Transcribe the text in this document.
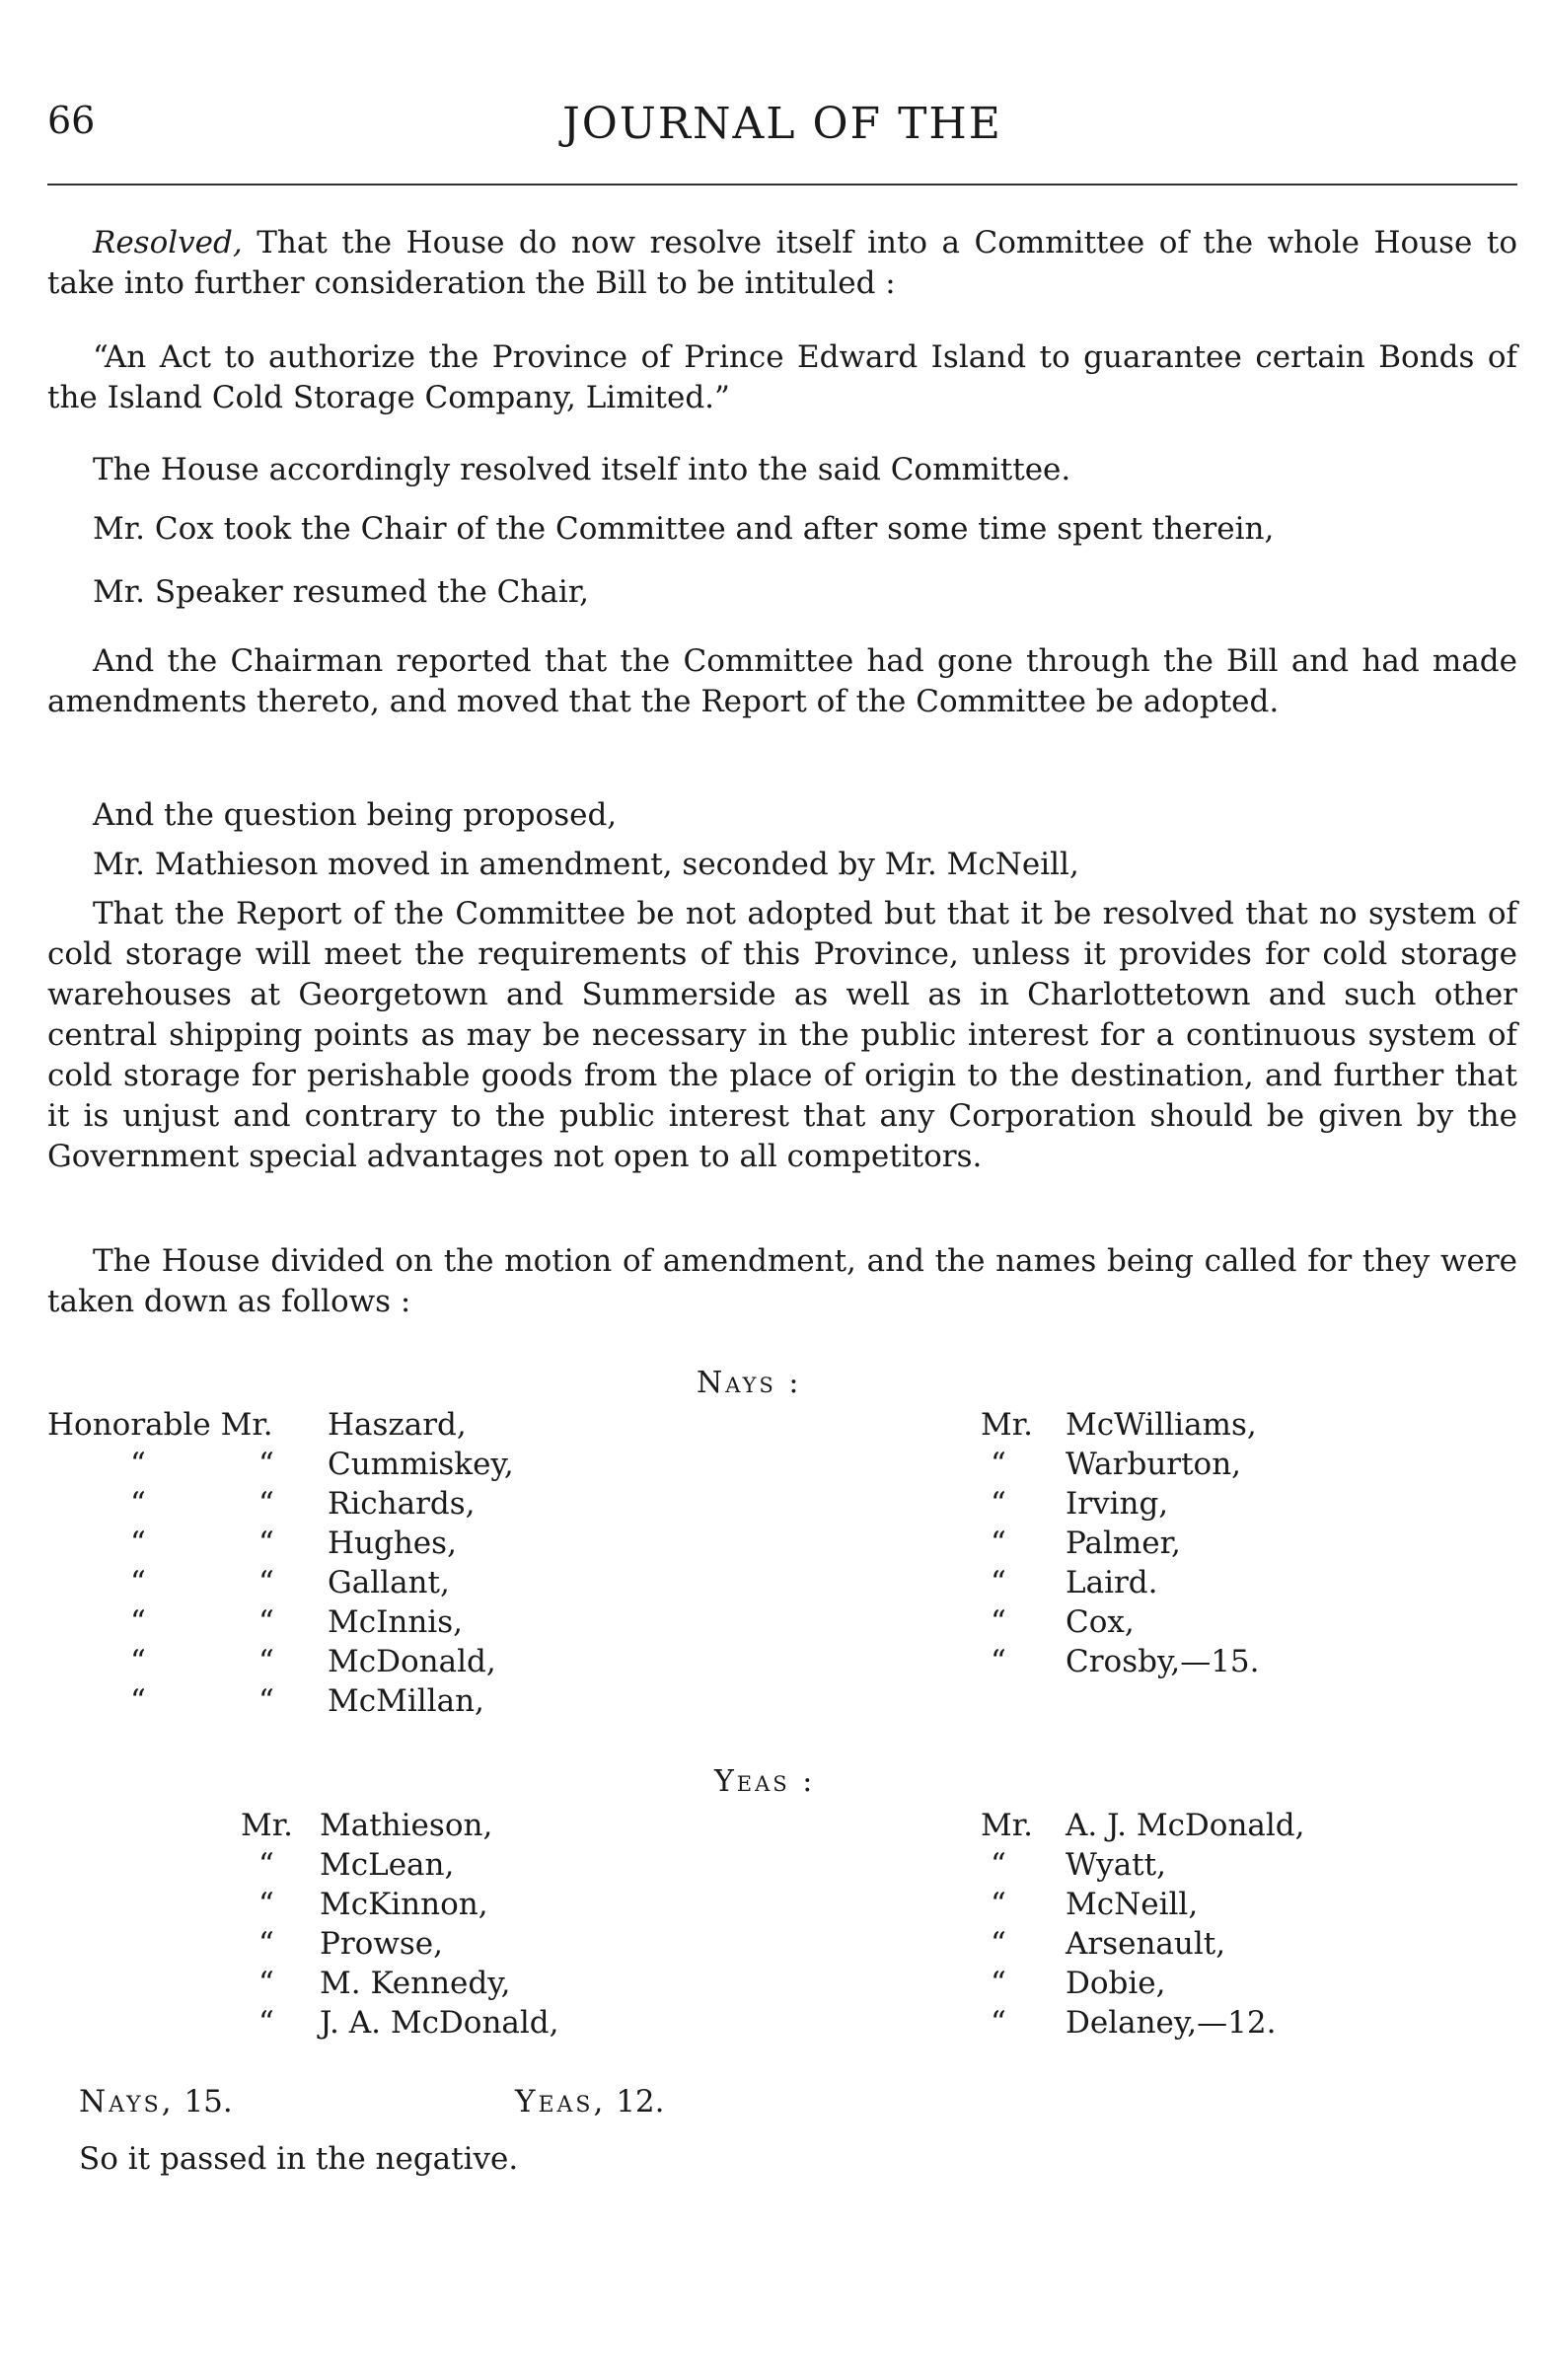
66	JOURNAL OF THE

Resolved, That the House do now resolve itself into a Committee of the whole House to take into further consideration the Bill to be intituled :

“An Act to authorize the Province of Prince Edward Island to guarantee certain Bonds of the Island Cold Storage Company, Limited.”

The House accordingly resolved itself into the said Committee.

Mr. Cox took the Chair of the Committee and after some time spent therein,

Mr. Speaker resumed the Chair,

And the Chairman reported that the Committee had gone through the Bill and had made amendments thereto, and moved that the Report of the Committee be adopted.

And the question being proposed,

Mr. Mathieson moved in amendment, seconded by Mr. McNeill,

That the Report of the Committee be not adopted but that it be resolved that no system of cold storage will meet the requirements of this Province, unless it provides for cold storage warehouses at Georgetown and Summerside as well as in Charlottetown and such other central shipping points as may be necessary in the public interest for a continuous system of cold storage for perishable goods from the place of origin to the destination, and further that it is unjust and contrary to the public interest that any Corporation should be given by the Government special advantages not open to all competitors.

The House divided on the motion of amendment, and the names being called for they were taken down as follows :

Nays :
Honorable Mr. Haszard,
“	“ Cummiskey,
“	“ Richards,
“	“ Hughes,
“	“ Gallant,
“	“ McInnis,
“	“ McDonald,
“	“ McMillan,
Mr. McWilliams,
“ Warburton,
“ Irving,
“ Palmer,
“ Laird.
“ Cox,
“ Crosby,—15.
Yeas :
Mr. Mathieson,
“ McLean,
“ McKinnon,
“ Prowse,
“ M. Kennedy,
“ J. A. McDonald,
Mr. A. J. McDonald,
“ Wyatt,
“ McNeill,
“ Arsenault,
“ Dobie,
“ Delaney,—12.
Nays, 15.	Yeas, 12.
So it passed in the negative.
